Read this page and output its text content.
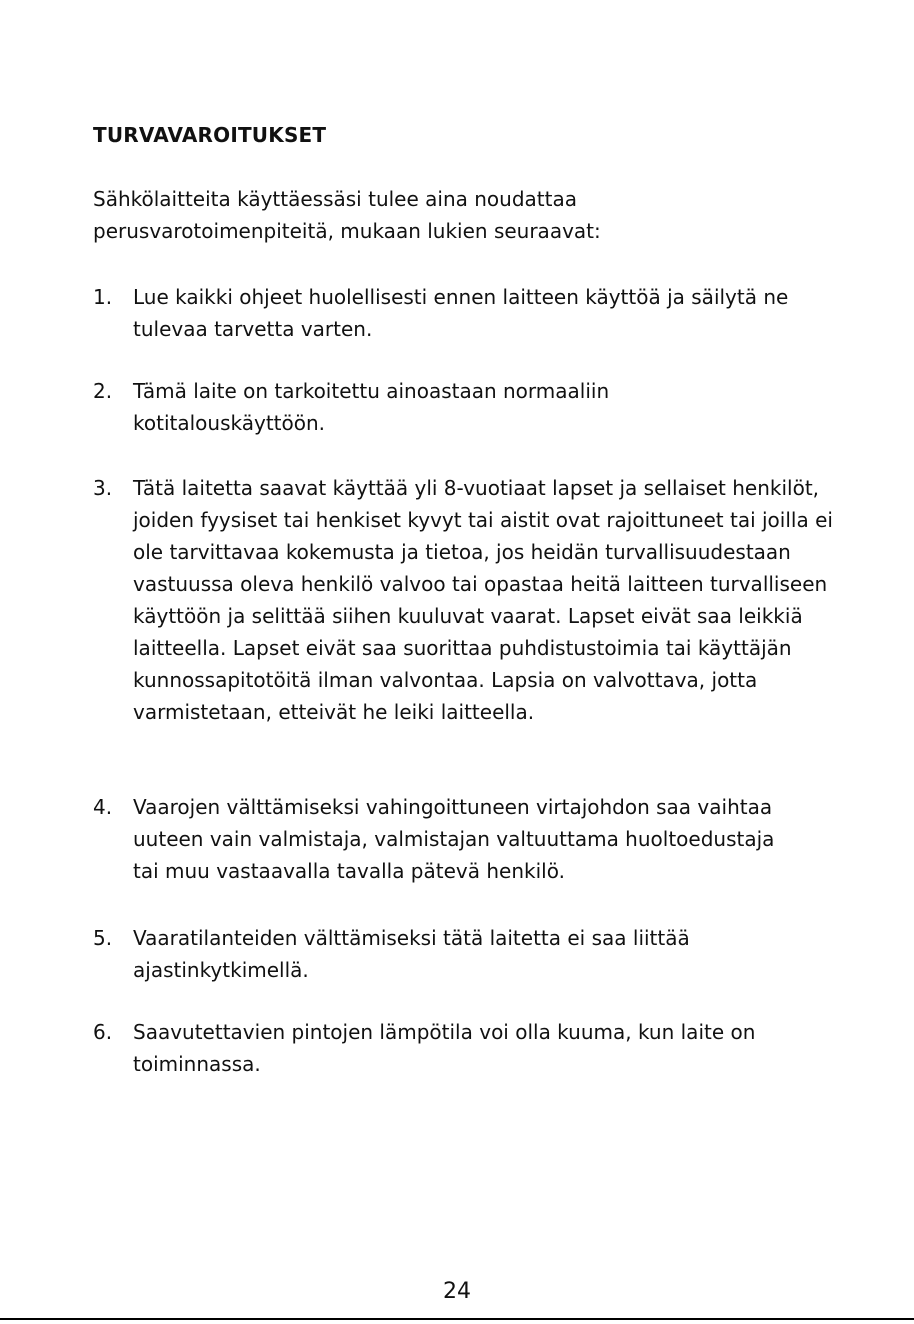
TURVAVAROITUKSET

Sähkölaitteita käyttäessäsi tulee aina noudattaa perusvarotoimenpiteitä, mukaan lukien seuraavat:

1.	Lue kaikki ohjeet huolellisesti ennen laitteen käyttöä ja säilytä ne tulevaa tarvetta varten.
2.	Tämä laite on tarkoitettu ainoastaan normaaliin kotitalouskäyttöön.
3.	Tätä laitetta saavat käyttää yli 8-vuotiaat lapset ja sellaiset henkilöt, joiden fyysiset tai henkiset kyvyt tai aistit ovat rajoittuneet tai joilla ei ole tarvittavaa kokemusta ja tietoa, jos heidän turvallisuudestaan vastuussa oleva henkilö valvoo tai opastaa heitä laitteen turvalliseen käyttöön ja selittää siihen kuuluvat vaarat. Lapset eivät saa leikkiä laitteella. Lapset eivät saa suorittaa puhdistustoimia tai käyttäjän kunnossapitotöitä ilman valvontaa. Lapsia on valvottava, jotta varmistetaan, etteivät he leiki laitteella.
4.	Vaarojen välttämiseksi vahingoittuneen virtajohdon saa vaihtaa uuteen vain valmistaja, valmistajan valtuuttama huoltoedustaja tai muu vastaavalla tavalla pätevä henkilö.
5.	Vaaratilanteiden välttämiseksi tätä laitetta ei saa liittää ajastinkytkimellä.
6.	Saavutettavien pintojen lämpötila voi olla kuuma, kun laite on toiminnassa.
24
